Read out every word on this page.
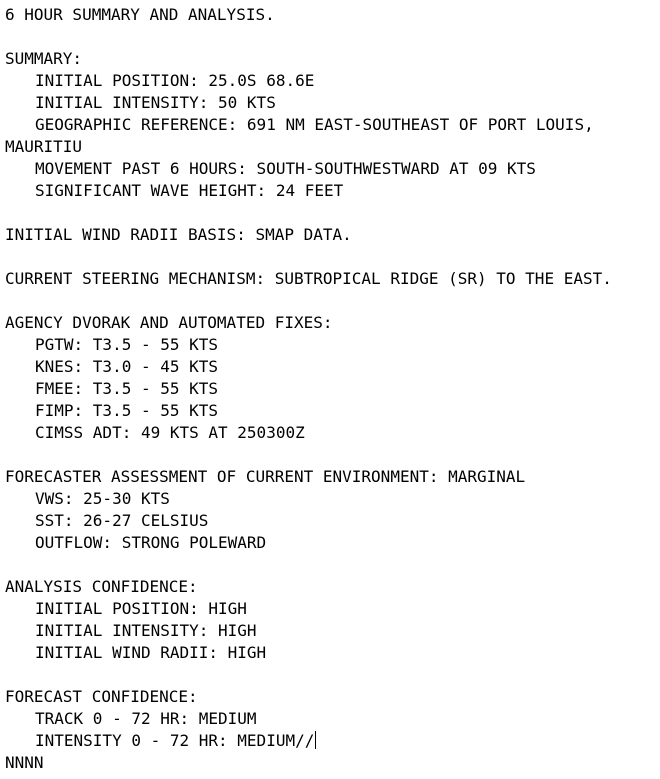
6 HOUR SUMMARY AND ANALYSIS.
SUMMARY:
INITIAL POSITION: 25.0S 68.6E
INITIAL INTENSITY: 50 KTS
GEOGRAPHIC REFERENCE: 691 NM EAST-SOUTHEAST OF PORT LOUIS,
MAURITIU
MOVEMENT PAST 6 HOURS: SOUTH-SOUTHWESTWARD AT 09 KTS
SIGNIFICANT WAVE HEIGHT: 24 FEET
INITIAL WIND RADII BASIS: SMAP DATA.
CURRENT STEERING MECHANISM: SUBTROPICAL RIDGE (SR) TO THE EAST.
AGENCY DVORAK AND AUTOMATED FIXES:
PGTW: T3.5 - 55 KTS
KNES: T3.0 - 45 KTS
FMEE: T3.5 - 55 KTS
FIMP: T3.5 - 55 KTS
CIMSS ADT: 49 KTS AT 250300Z
FORECASTER ASSESSMENT OF CURRENT ENVIRONMENT: MARGINAL
VWS: 25-30 KTS
SST: 26-27 CELSIUS
OUTFLOW: STRONG POLEWARD
ANALYSIS CONFIDENCE:
INITIAL POSITION: HIGH
INITIAL INTENSITY: HIGH
INITIAL WIND RADII: HIGH
FORECAST CONFIDENCE:
TRACK 0 - 72 HR: MEDIUM
INTENSITY 0 - 72 HR: MEDIUM//
NNNN
